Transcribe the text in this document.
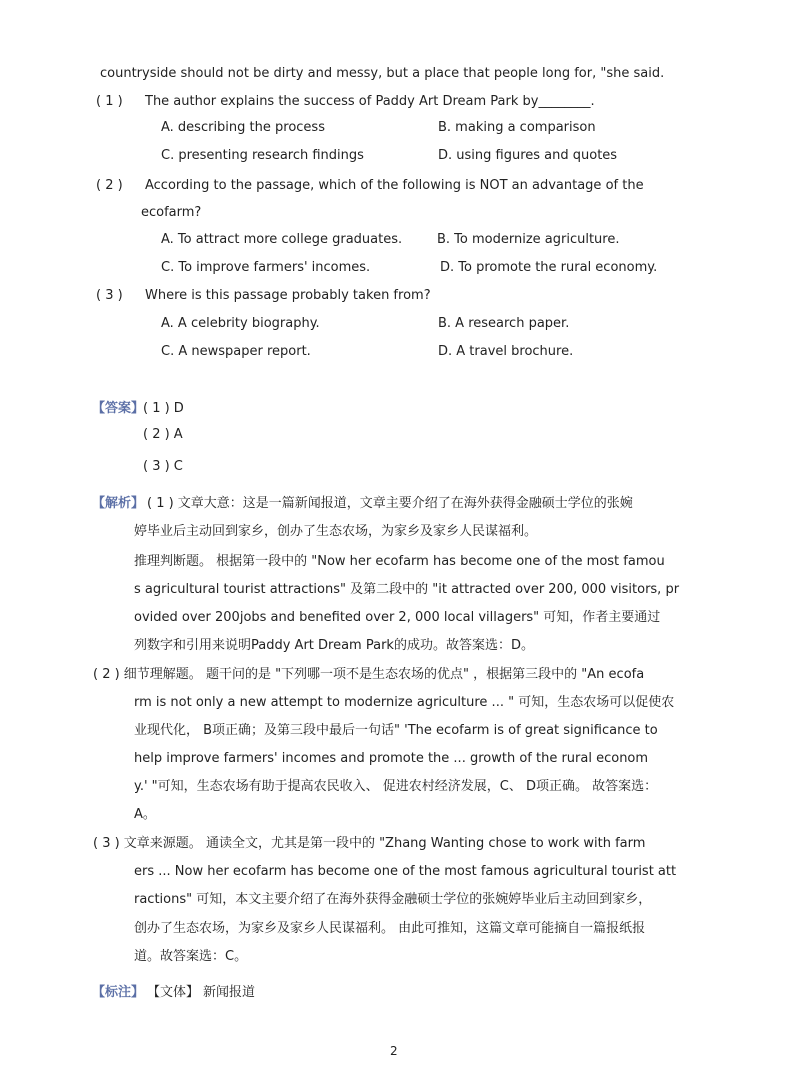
countryside should not be dirty and messy, but a place that people long for, "she said.
( 1 ) The author explains the success of Paddy Art Dream Park by________.
A. describing the process	B. making a comparison
C. presenting research findings	D. using figures and quotes
( 2 ) According to the passage, which of the following is NOT an advantage of the
ecofarm?
A. To attract more college graduates.	B. To modernize agriculture.
C. To improve farmers' incomes.	D. To promote the rural economy.
( 3 ) Where is this passage probably taken from?
A. A celebrity biography.	B. A research paper.
C. A newspaper report.	D. A travel brochure.
【答案】
( 1 ) D
( 2 ) A
( 3 ) C
【解析】 ( 1 ) 文章大意：这是一篇新闻报道，文章主要介绍了在海外获得金融硕士学位的张婉
婷毕业后主动回到家乡，创办了生态农场，为家乡及家乡人民谋福利。
推理判断题。 根据第一段中的 "Now her ecofarm has become one of the most famou
s agricultural tourist attractions" 及第二段中的 "it attracted over 200, 000 visitors, pr
ovided over 200jobs and benefited over 2, 000 local villagers" 可知，作者主要通过
列数字和引用来说明Paddy Art Dream Park的成功。故答案选：D。
( 2 ) 细节理解题。 题干问的是 "下列哪一项不是生态农场的优点" ，根据第三段中的 "An ecofa
rm is not only a new attempt to modernize agriculture ... " 可知，生态农场可以促使农
业现代化， B项正确；及第三段中最后一句话" 'The ecofarm is of great significance to
help improve farmers' incomes and promote the ... growth of the rural econom
y.' "可知，生态农场有助于提高农民收入、 促进农村经济发展，C、 D项正确。 故答案选：
A。
( 3 ) 文章来源题。 通读全文，尤其是第一段中的 "Zhang Wanting chose to work with farm
ers ... Now her ecofarm has become one of the most famous agricultural tourist att
ractions" 可知，本文主要介绍了在海外获得金融硕士学位的张婉婷毕业后主动回到家乡，
创办了生态农场，为家乡及家乡人民谋福利。 由此可推知，这篇文章可能摘自一篇报纸报
道。故答案选：C。
【标注】 【文体】 新闻报道
2
